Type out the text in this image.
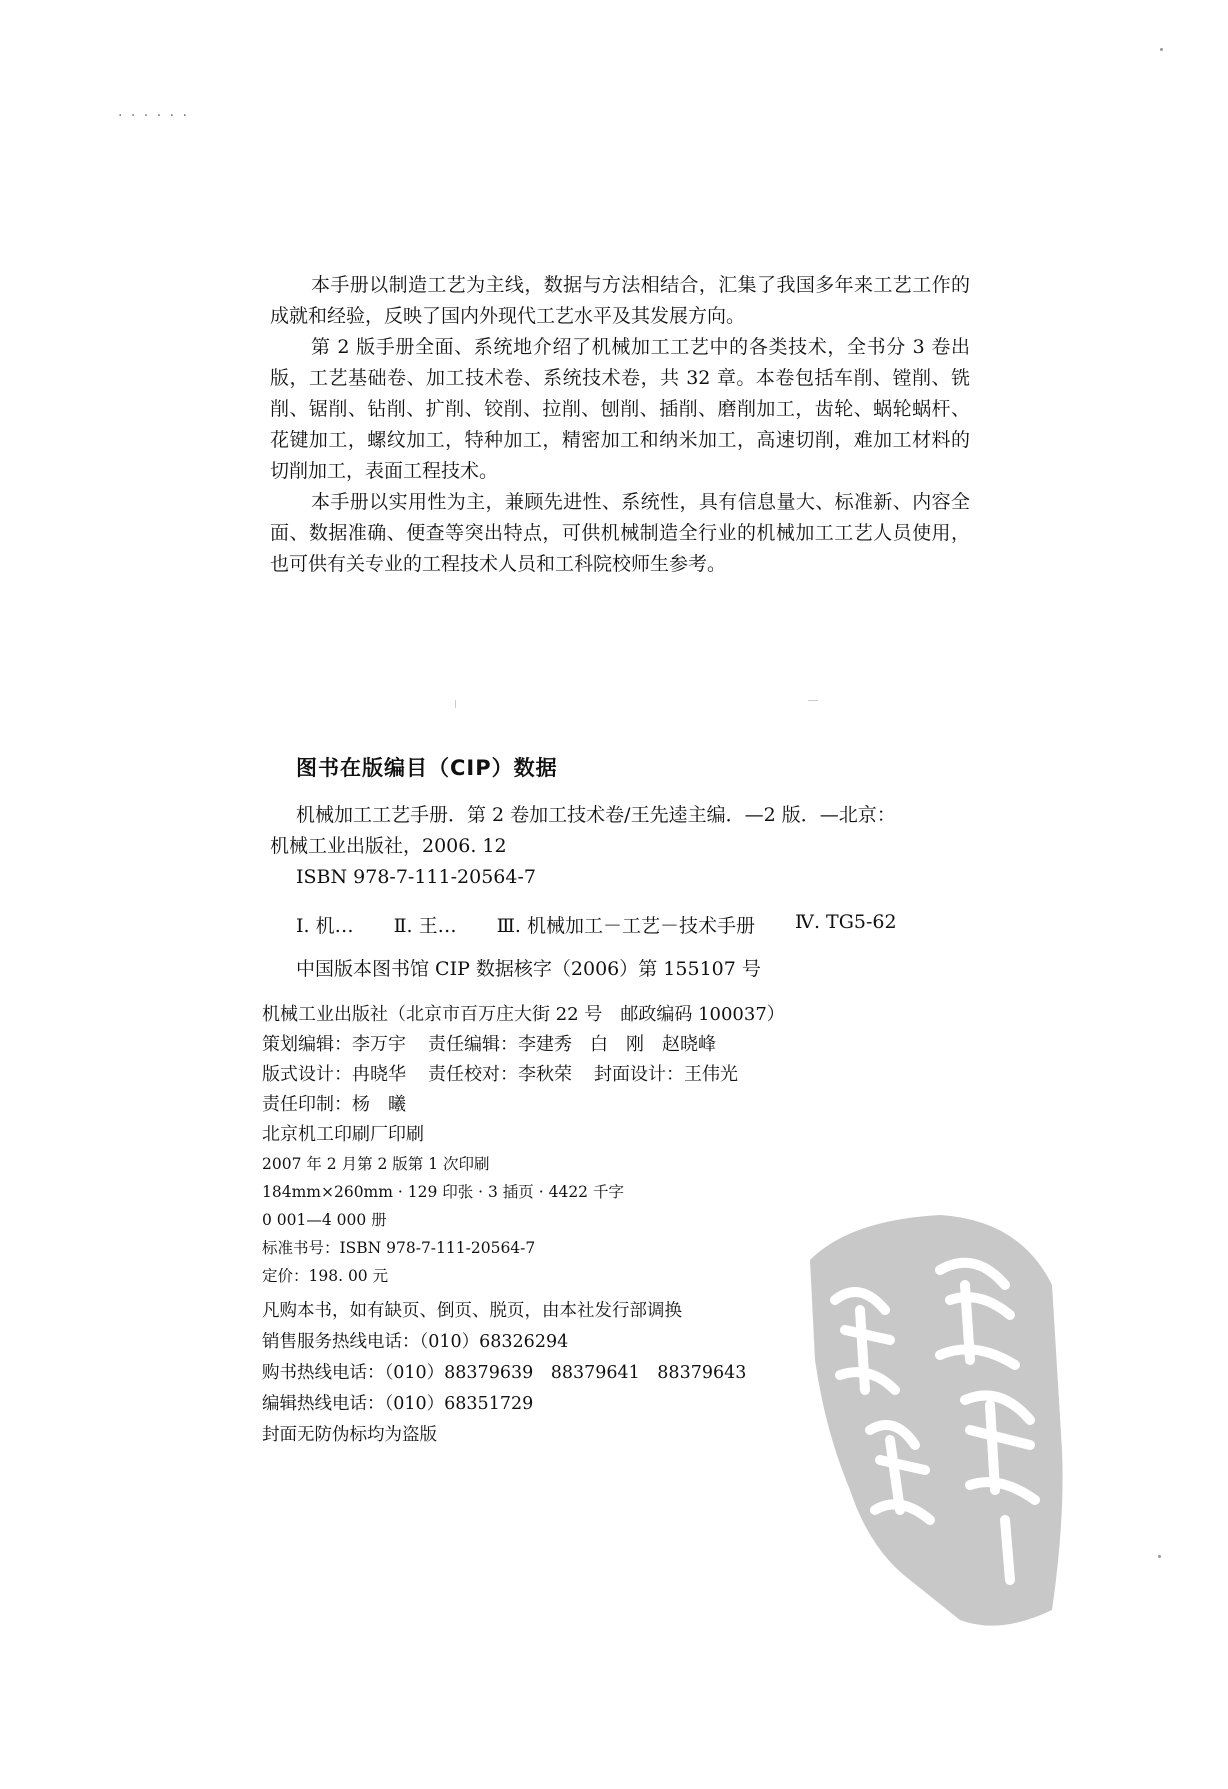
· · · · · ·

本手册以制造工艺为主线，数据与方法相结合，汇集了我国多年来工艺工作的成就和经验，反映了国内外现代工艺水平及其发展方向。

第 2 版手册全面、系统地介绍了机械加工工艺中的各类技术，全书分 3 卷出版，工艺基础卷、加工技术卷、系统技术卷，共 32 章。本卷包括车削、镗削、铣削、锯削、钻削、扩削、铰削、拉削、刨削、插削、磨削加工，齿轮、蜗轮蜗杆、花键加工，螺纹加工，特种加工，精密加工和纳米加工，高速切削，难加工材料的切削加工，表面工程技术。

本手册以实用性为主，兼顾先进性、系统性，具有信息量大、标准新、内容全面、数据准确、便查等突出特点，可供机械制造全行业的机械加工工艺人员使用，也可供有关专业的工程技术人员和工科院校师生参考。

图书在版编目（CIP）数据
机械加工工艺手册．第 2 卷加工技术卷/王先逵主编．—2 版．—北京：
机械工业出版社，2006. 12
ISBN 978-7-111-20564-7
Ⅰ. 机… Ⅱ. 王… Ⅲ. 机械加工－工艺－技术手册 Ⅳ. TG5-62
中国版本图书馆 CIP 数据核字（2006）第 155107 号
机械工业出版社（北京市百万庄大街 22 号　邮政编码 100037）
策划编辑：李万宇 责任编辑：李建秀　白　刚　赵晓峰
版式设计：冉晓华 责任校对：李秋荣 封面设计：王伟光
责任印制：杨　曦
北京机工印刷厂印刷
2007 年 2 月第 2 版第 1 次印刷
184mm×260mm · 129 印张 · 3 插页 · 4422 千字
0 001—4 000 册
标准书号：ISBN 978-7-111-20564-7
定价：198. 00 元
凡购本书，如有缺页、倒页、脱页，由本社发行部调换
销售服务热线电话：（010）68326294
购书热线电话：（010）88379639　88379641　88379643
编辑热线电话：（010）68351729
封面无防伪标均为盗版
